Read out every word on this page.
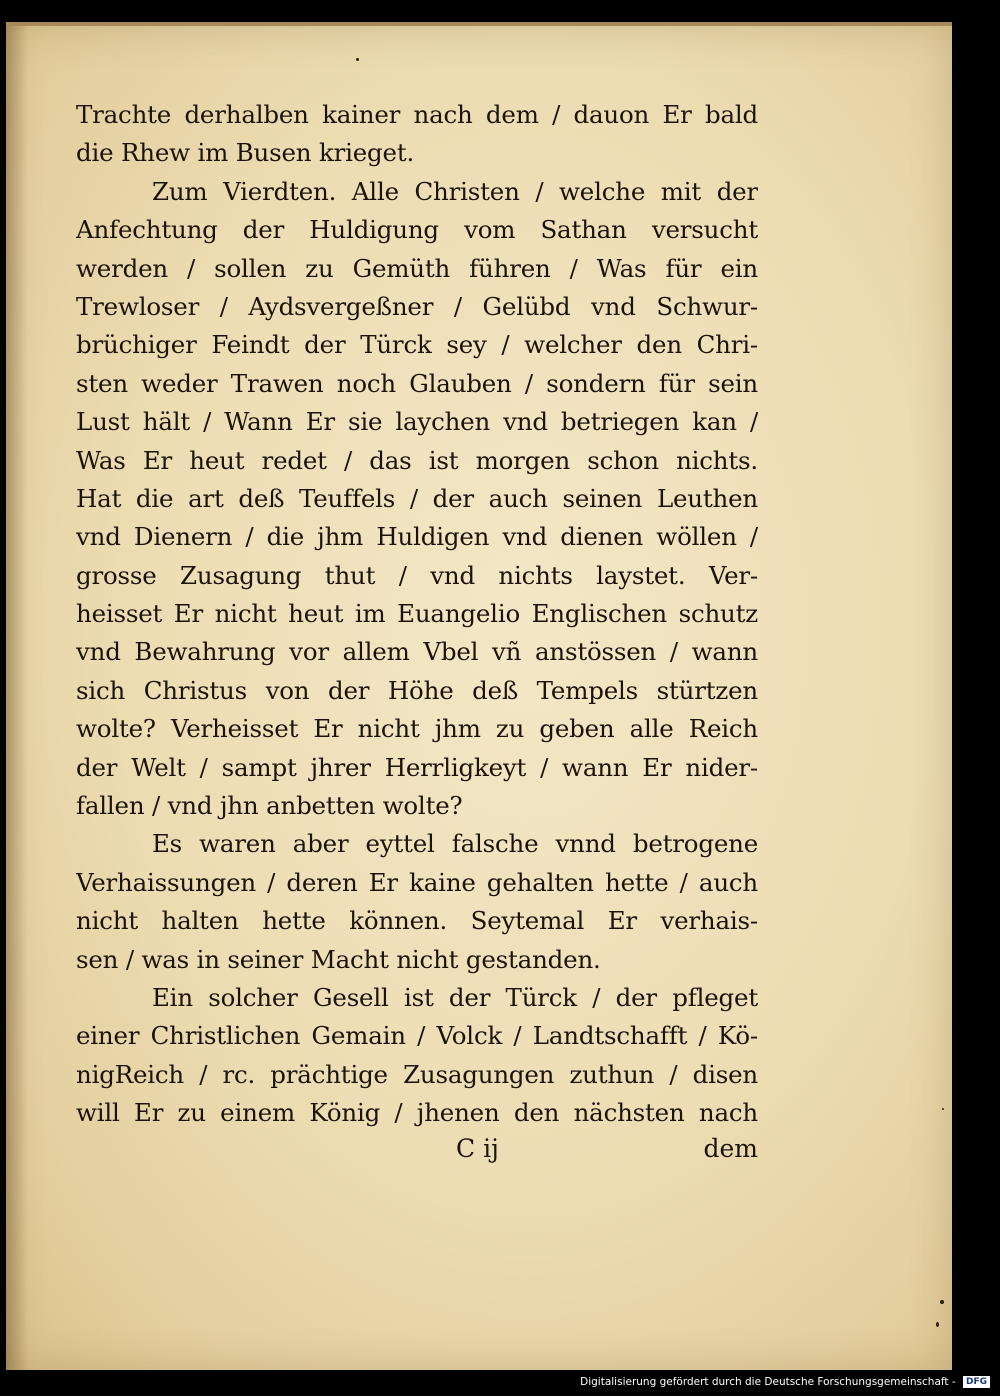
Trachte derhalben kainer nach dem / dauon Er bald
die Rhew im Busen krieget.
Zum Vierdten. Alle Christen / welche mit der
Anfechtung der Huldigung vom Sathan versucht
werden / sollen zu Gemüth führen / Was für ein
Trewloser / Aydsvergeßner / Gelübd vnd Schwur-
brüchiger Feindt der Türck sey / welcher den Chri-
sten weder Trawen noch Glauben / sondern für sein
Lust hält / Wann Er sie laychen vnd betriegen kan /
Was Er heut redet / das ist morgen schon nichts.
Hat die art deß Teuffels / der auch seinen Leuthen
vnd Dienern / die jhm Huldigen vnd dienen wöllen /
grosse Zusagung thut / vnd nichts laystet. Ver-
heisset Er nicht heut im Euangelio Englischen schutz
vnd Bewahrung vor allem Vbel vñ anstössen / wann
sich Christus von der Höhe deß Tempels stürtzen
wolte? Verheisset Er nicht jhm zu geben alle Reich
der Welt / sampt jhrer Herrligkeyt / wann Er nider-
fallen / vnd jhn anbetten wolte?
Es waren aber eyttel falsche vnnd betrogene
Verhaissungen / deren Er kaine gehalten hette / auch
nicht halten hette können. Seytemal Er verhais-
sen / was in seiner Macht nicht gestanden.
Ein solcher Gesell ist der Türck / der pfleget
einer Christlichen Gemain / Volck / Landtschafft / Kö-
nigReich / rc. prächtige Zusagungen zuthun / disen
will Er zu einem König / jhenen den nächsten nach
C ij	dem
Digitalisierung gefördert durch die Deutsche Forschungsgemeinschaft - DFG
